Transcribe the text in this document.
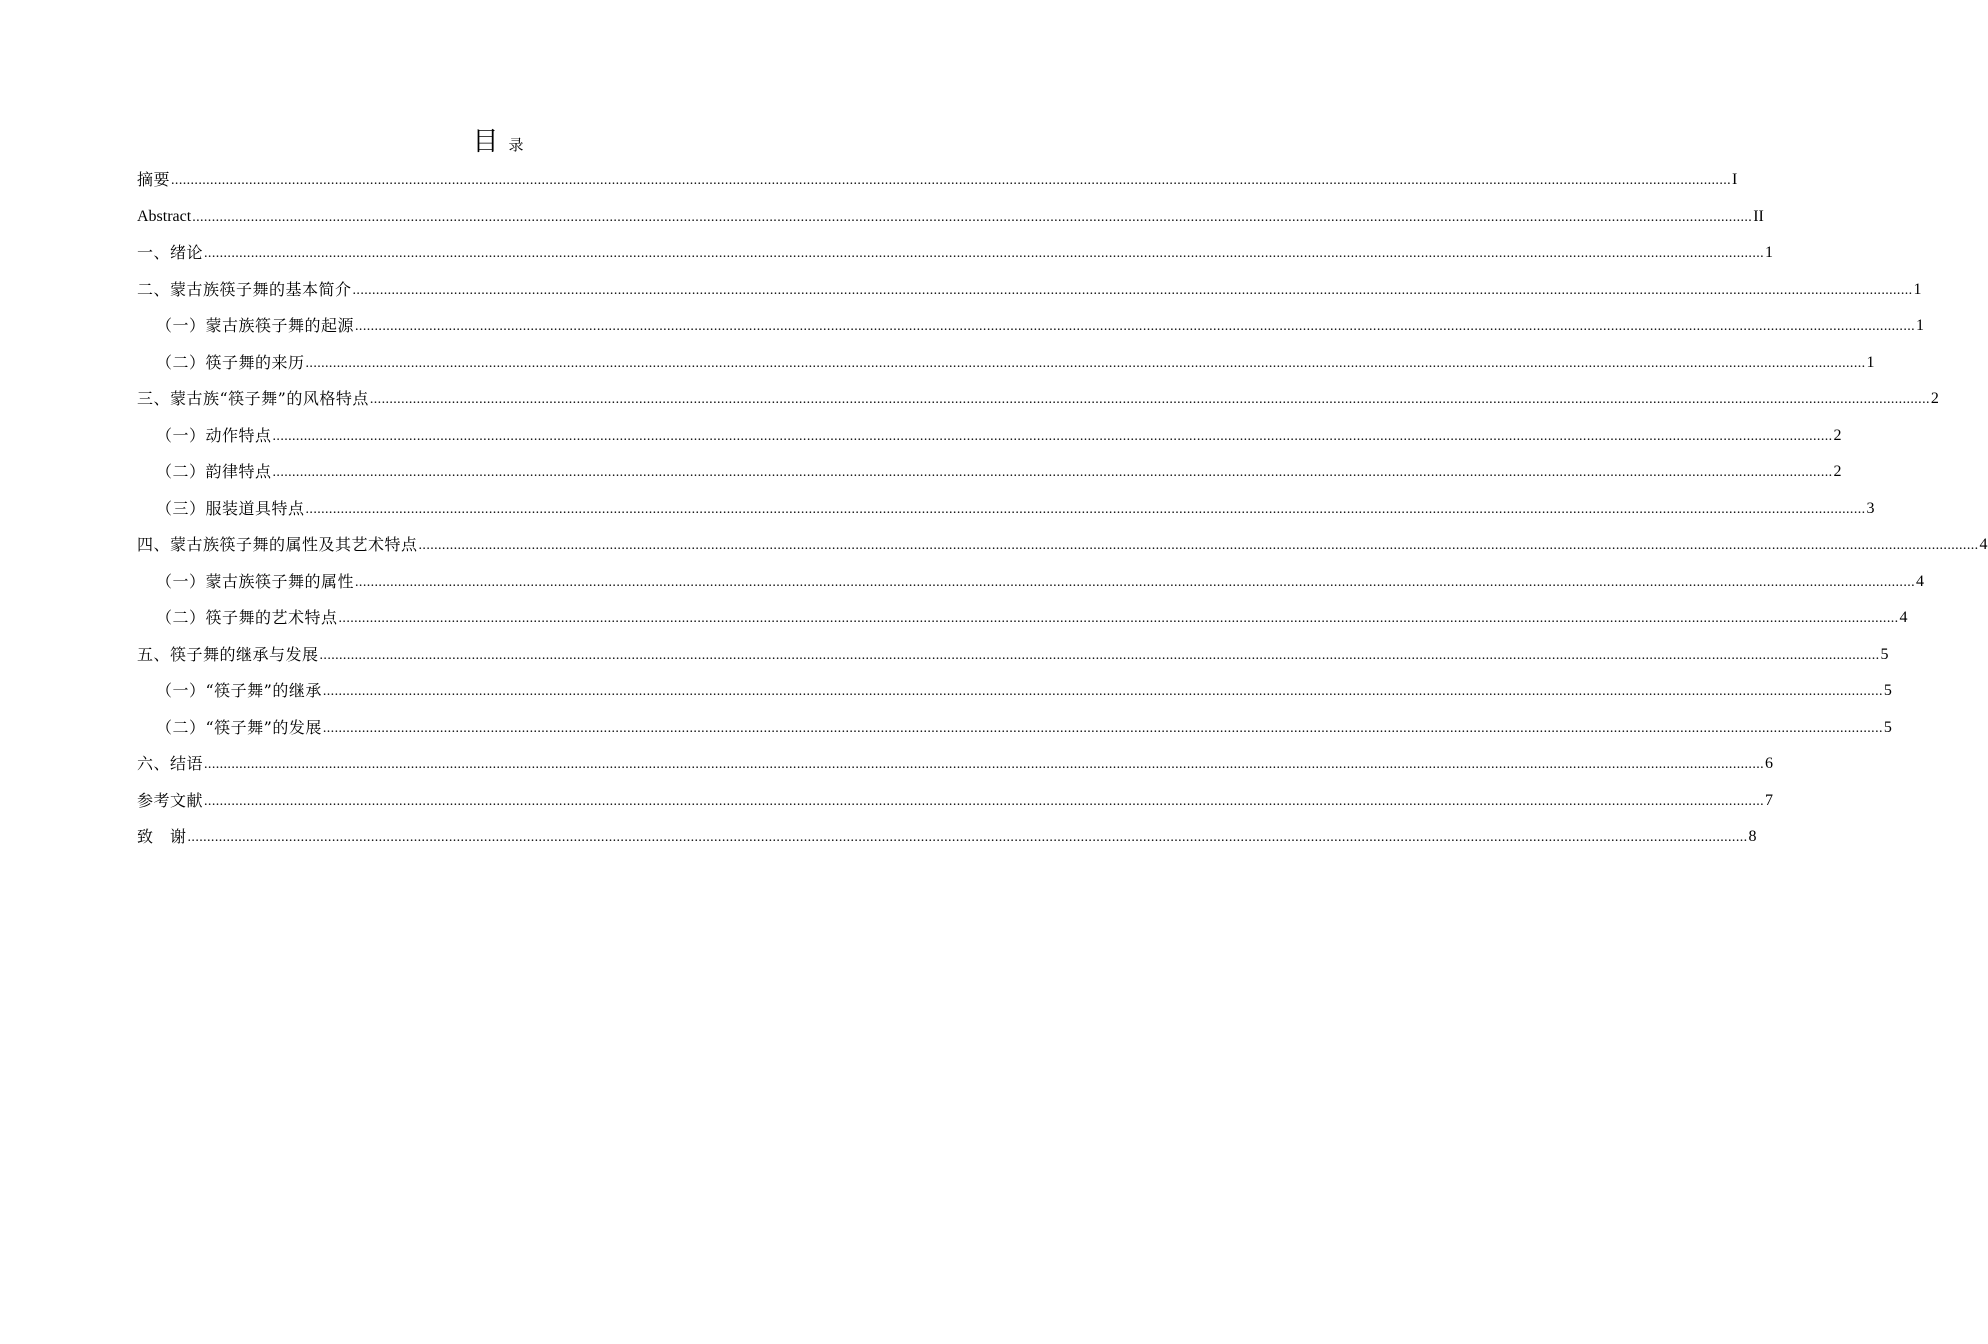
目录
摘要 ................................................................................................................................................................................................................................................................................................................................................................................................................ I
Abstract ................................................................................................................................................................................................................................................................................................................................................................................................................ II
一、绪论 ................................................................................................................................................................................................................................................................................................................................................................................................................ 1
二、蒙古族筷子舞的基本简介 ................................................................................................................................................................................................................................................................................................................................................................................................................ 1
（一）蒙古族筷子舞的起源 ................................................................................................................................................................................................................................................................................................................................................................................................................ 1
（二）筷子舞的来历 ................................................................................................................................................................................................................................................................................................................................................................................................................ 1
三、蒙古族“筷子舞”的风格特点 ................................................................................................................................................................................................................................................................................................................................................................................................................ 2
（一）动作特点 ................................................................................................................................................................................................................................................................................................................................................................................................................ 2
（二）韵律特点 ................................................................................................................................................................................................................................................................................................................................................................................................................ 2
（三）服装道具特点 ................................................................................................................................................................................................................................................................................................................................................................................................................ 3
四、蒙古族筷子舞的属性及其艺术特点 ................................................................................................................................................................................................................................................................................................................................................................................................................ 4
（一）蒙古族筷子舞的属性 ................................................................................................................................................................................................................................................................................................................................................................................................................ 4
（二）筷子舞的艺术特点 ................................................................................................................................................................................................................................................................................................................................................................................................................ 4
五、筷子舞的继承与发展 ................................................................................................................................................................................................................................................................................................................................................................................................................ 5
（一）“筷子舞”的继承 ................................................................................................................................................................................................................................................................................................................................................................................................................ 5
（二）“筷子舞”的发展 ................................................................................................................................................................................................................................................................................................................................................................................................................ 5
六、结语 ................................................................................................................................................................................................................................................................................................................................................................................................................ 6
参考文献 ................................................................................................................................................................................................................................................................................................................................................................................................................ 7
致　谢 ................................................................................................................................................................................................................................................................................................................................................................................................................ 8
